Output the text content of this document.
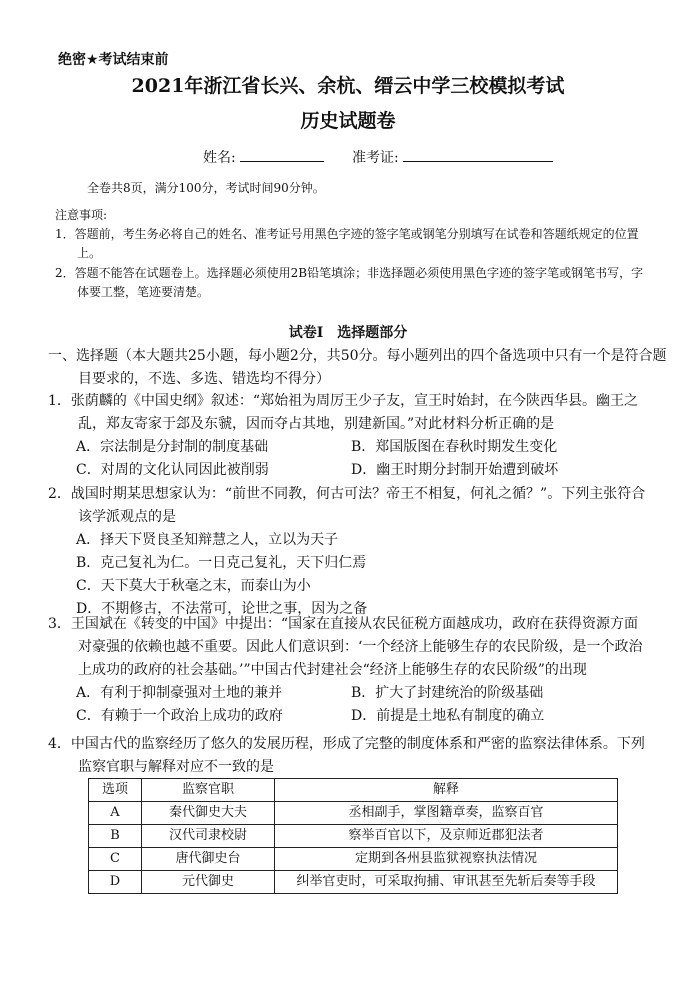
绝密★考试结束前
2021年浙江省长兴、余杭、缙云中学三校模拟考试
历史试题卷
姓名:	准考证:
全卷共8页，满分100分，考试时间90分钟。
注意事项:
1．答题前，考生务必将自己的姓名、准考证号用黑色字迹的签字笔或钢笔分别填写在试卷和答题纸规定的位置上。
2．答题不能答在试题卷上。选择题必须使用2B铅笔填涂；非选择题必须使用黑色字迹的签字笔或钢笔书写，字体要工整，笔迹要清楚。
试卷Ⅰ　选择题部分
一、选择题（本大题共25小题，每小题2分，共50分。每小题列出的四个备选项中只有一个是符合题目要求的，不选、多选、错选均不得分）
1．张荫麟的《中国史纲》叙述：“郑始祖为周厉王少子友，宣王时始封，在今陕西华县。幽王之乱，郑友寄家于郐及东虢，因而夺占其地，别建新国。”对此材料分析正确的是
A．宗法制是分封制的制度基础	B．郑国版图在春秋时期发生变化
C．对周的文化认同因此被削弱	D．幽王时期分封制开始遭到破坏
2．战国时期某思想家认为：“前世不同教，何古可法？帝王不相复，何礼之循？”。下列主张符合该学派观点的是
A．择天下贤良圣知辩慧之人，立以为天子
B．克己复礼为仁。一日克己复礼，天下归仁焉
C．天下莫大于秋毫之末，而泰山为小
D．不期修古，不法常可，论世之事，因为之备
3．王国斌在《转变的中国》中提出：“国家在直接从农民征税方面越成功，政府在获得资源方面对豪强的依赖也越不重要。因此人们意识到：‘一个经济上能够生存的农民阶级，是一个政治上成功的政府的社会基础。’”中国古代封建社会“经济上能够生存的农民阶级”的出现
A．有利于抑制豪强对土地的兼并	B．扩大了封建统治的阶级基础
C．有赖于一个政治上成功的政府	D．前提是土地私有制度的确立
4．中国古代的监察经历了悠久的发展历程，形成了完整的制度体系和严密的监察法律体系。下列监察官职与解释对应不一致的是
选项	监察官职	解释
A	秦代御史大夫	丞相副手，掌图籍章奏，监察百官
B	汉代司隶校尉	察举百官以下，及京师近郡犯法者
C	唐代御史台	定期到各州县监狱视察执法情况
D	元代御史	纠举官吏时，可采取拘捕、审讯甚至先斩后奏等手段
